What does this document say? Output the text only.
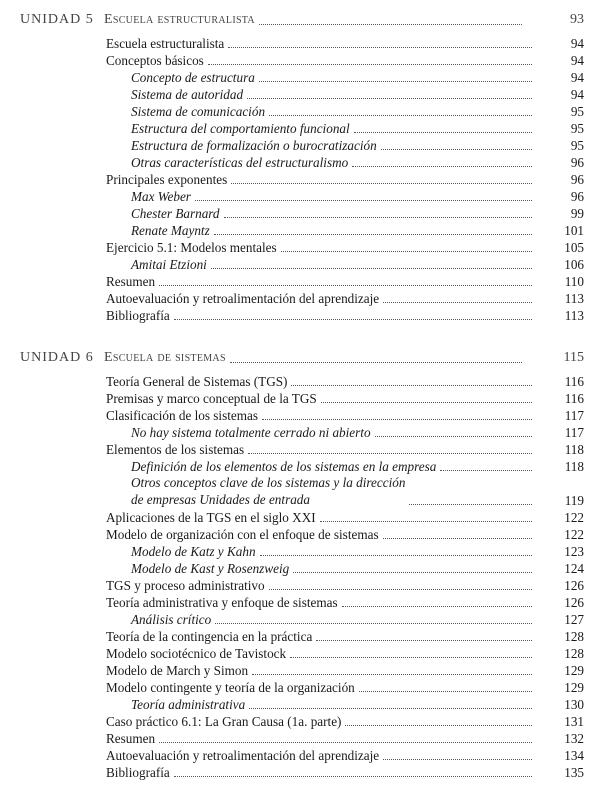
UNIDAD 5 Escuela estructuralista	93
Escuela estructuralista	94
Conceptos básicos	94
Concepto de estructura	94
Sistema de autoridad	94
Sistema de comunicación	95
Estructura del comportamiento funcional	95
Estructura de formalización o burocratización	95
Otras características del estructuralismo	96
Principales exponentes	96
Max Weber	96
Chester Barnard	99
Renate Mayntz	101
Ejercicio 5.1: Modelos mentales	105
Amitai Etzioni	106
Resumen	110
Autoevaluación y retroalimentación del aprendizaje	113
Bibliografía	113
UNIDAD 6 Escuela de sistemas	115
Teoría General de Sistemas (TGS)	116
Premisas y marco conceptual de la TGS	116
Clasificación de los sistemas	117
No hay sistema totalmente cerrado ni abierto	117
Elementos de los sistemas	118
Definición de los elementos de los sistemas en la empresa	118
Otros conceptos clave de los sistemas y la dirección
de empresas Unidades de entrada	119
Aplicaciones de la TGS en el siglo XXI	122
Modelo de organización con el enfoque de sistemas	122
Modelo de Katz y Kahn	123
Modelo de Kast y Rosenzweig	124
TGS y proceso administrativo	126
Teoría administrativa y enfoque de sistemas	126
Análisis crítico	127
Teoría de la contingencia en la práctica	128
Modelo sociotécnico de Tavistock	128
Modelo de March y Simon	129
Modelo contingente y teoría de la organización	129
Teoría administrativa	130
Caso práctico 6.1: La Gran Causa (1a. parte)	131
Resumen	132
Autoevaluación y retroalimentación del aprendizaje	134
Bibliografía	135
